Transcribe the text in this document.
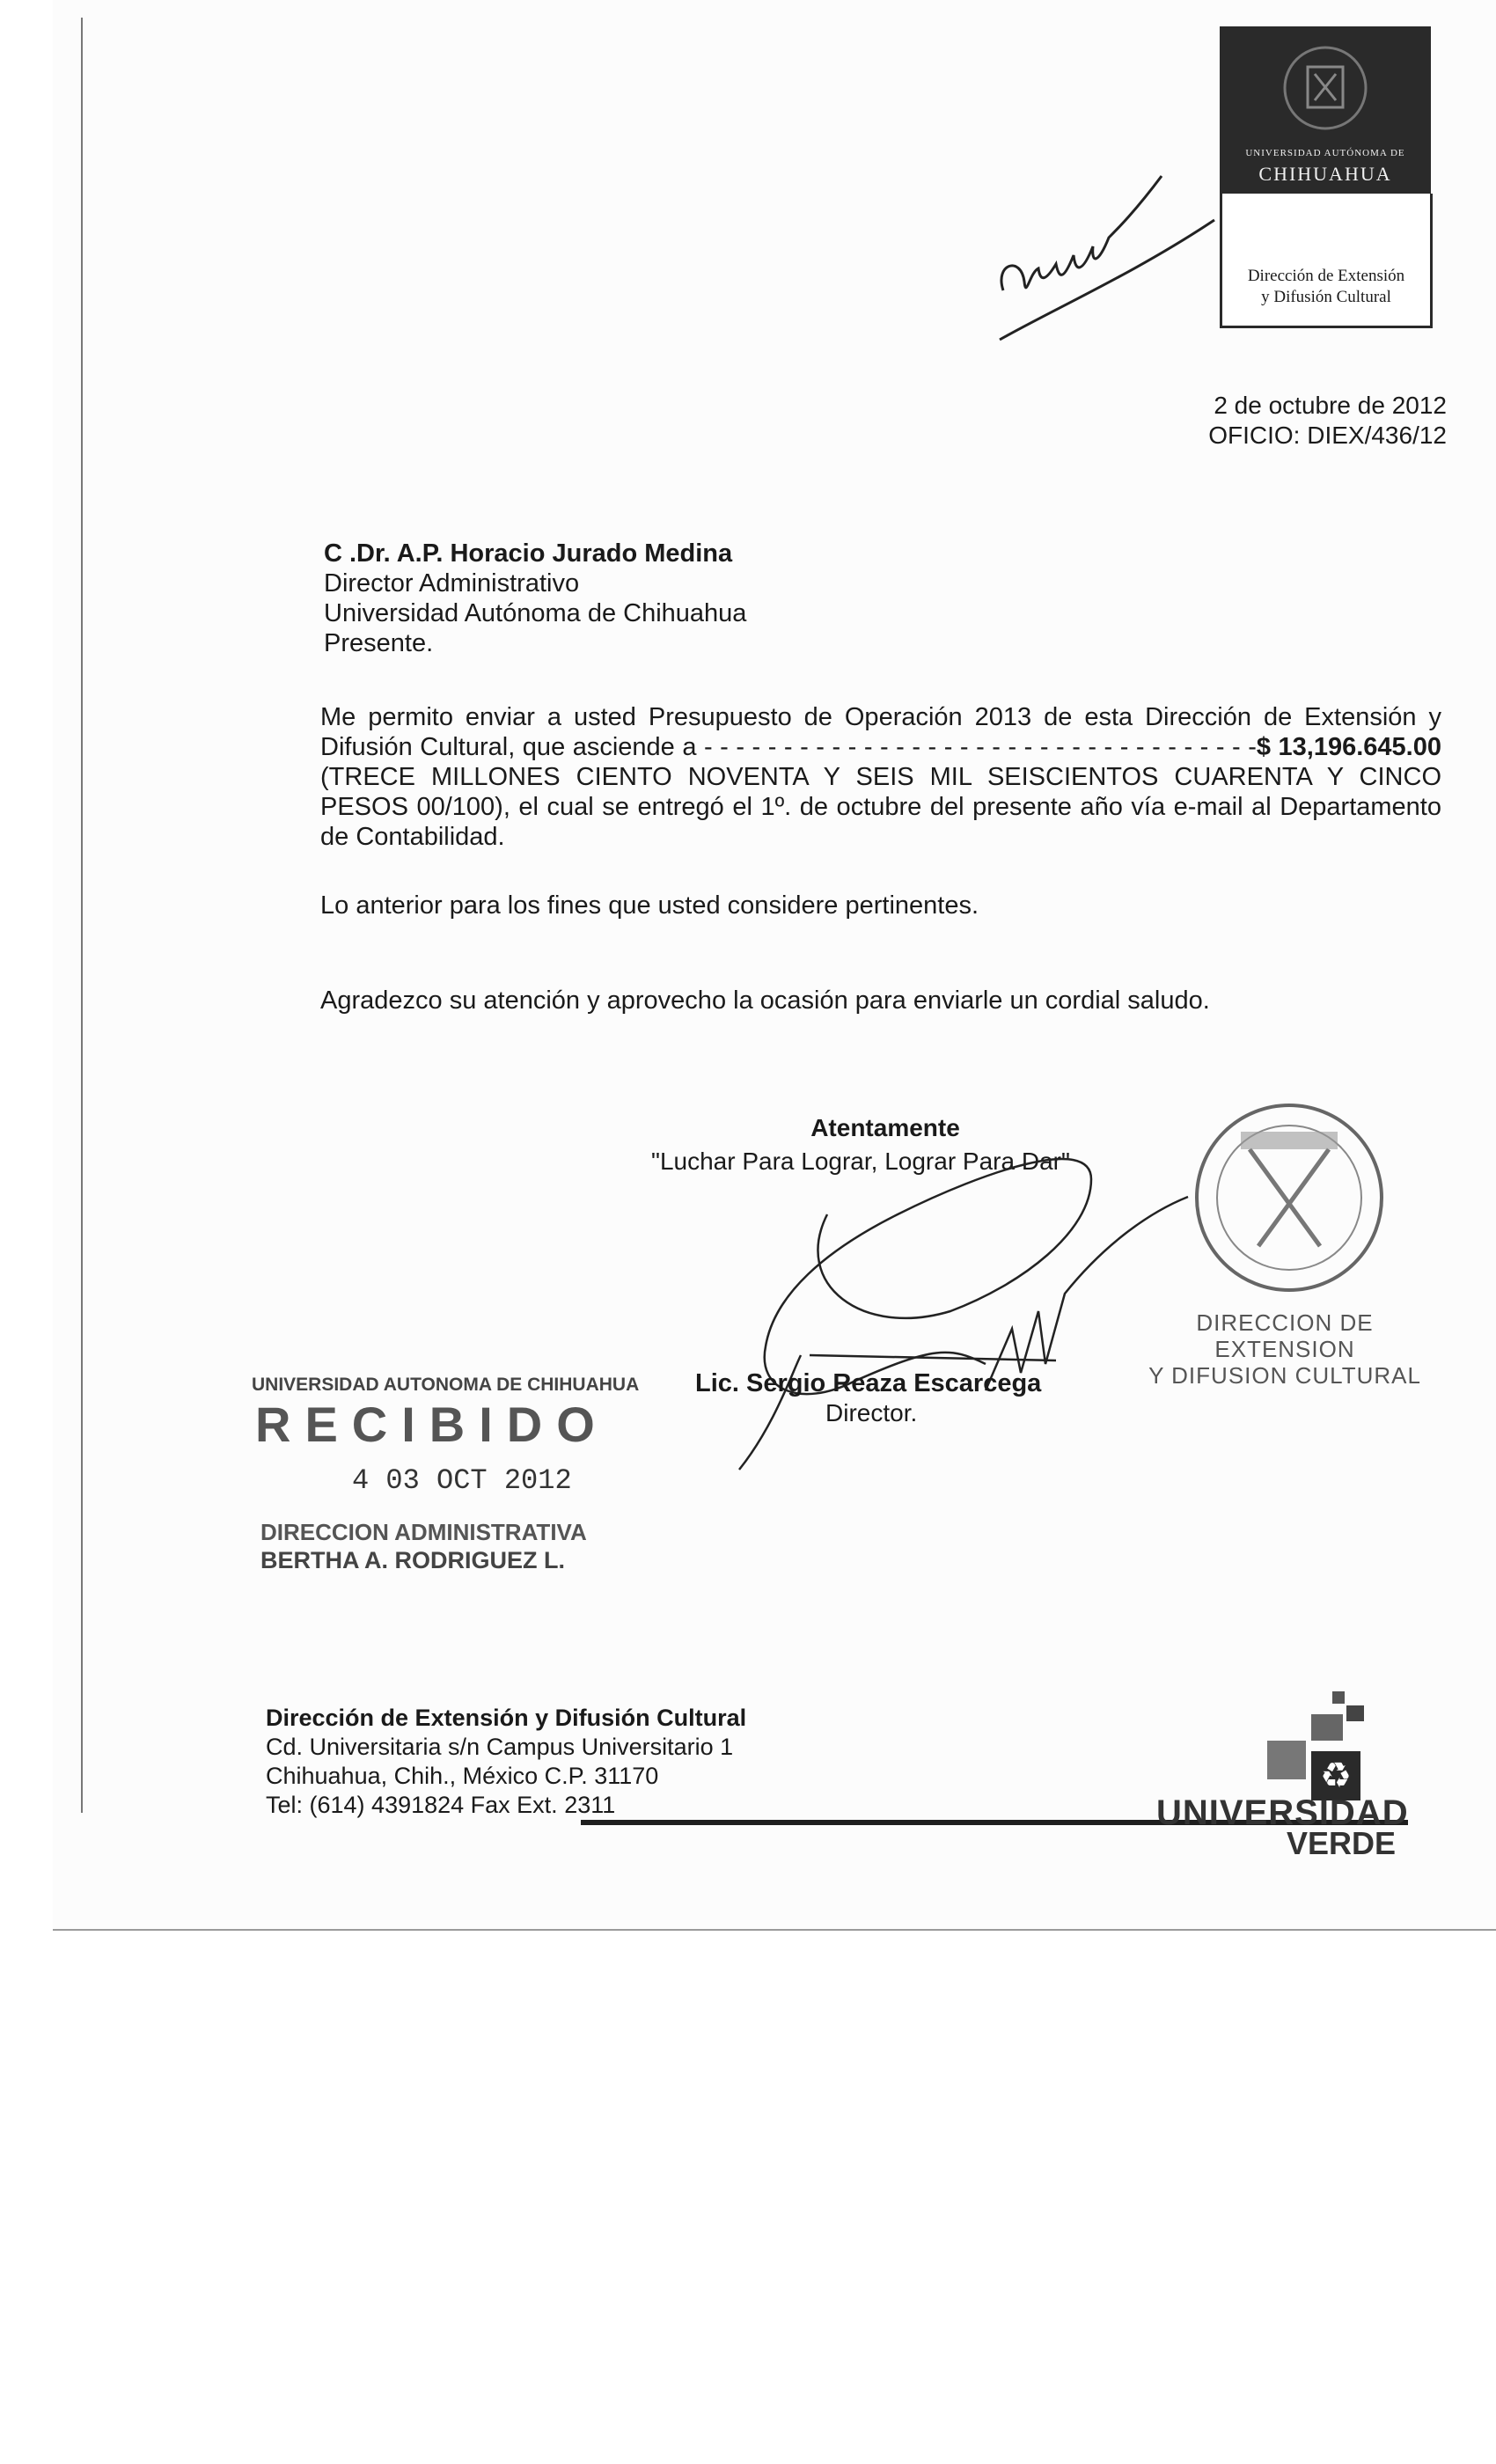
UNIVERSIDAD AUTÓNOMA DE
CHIHUAHUA
Dirección de Extensión
y Difusión Cultural
2 de octubre de 2012
OFICIO: DIEX/436/12
C .Dr. A.P. Horacio Jurado Medina
Director Administrativo
Universidad Autónoma de Chihuahua
Presente.
Me permito enviar a usted Presupuesto de Operación 2013 de esta Dirección de Extensión y Difusión Cultural, que asciende a - - - - - - - - - - - - - - - - - - - - - - - - - - - - - - - - - - -$ 13,196.645.00 (TRECE MILLONES CIENTO NOVENTA Y SEIS MIL SEISCIENTOS CUARENTA Y CINCO PESOS 00/100), el cual se entregó el 1º. de octubre del presente año vía e-mail al Departamento de Contabilidad.
Lo anterior para los fines que usted considere pertinentes.
Agradezco su atención y aprovecho la ocasión para enviarle un cordial saludo.
Atentamente
"Luchar Para Lograr, Lograr Para Dar"
DIRECCION DE EXTENSION
Y DIFUSION CULTURAL
Lic. Sergio Reaza Escarcega
Director.
UNIVERSIDAD AUTONOMA DE CHIHUAHUA
RECIBIDO
4 03 OCT 2012
DIRECCION ADMINISTRATIVA
BERTHA A. RODRIGUEZ L.
Dirección de Extensión y Difusión Cultural
Cd. Universitaria s/n Campus Universitario 1
Chihuahua, Chih., México C.P. 31170
Tel: (614) 4391824 Fax Ext. 2311
♻
UNIVERSIDAD
VERDE
